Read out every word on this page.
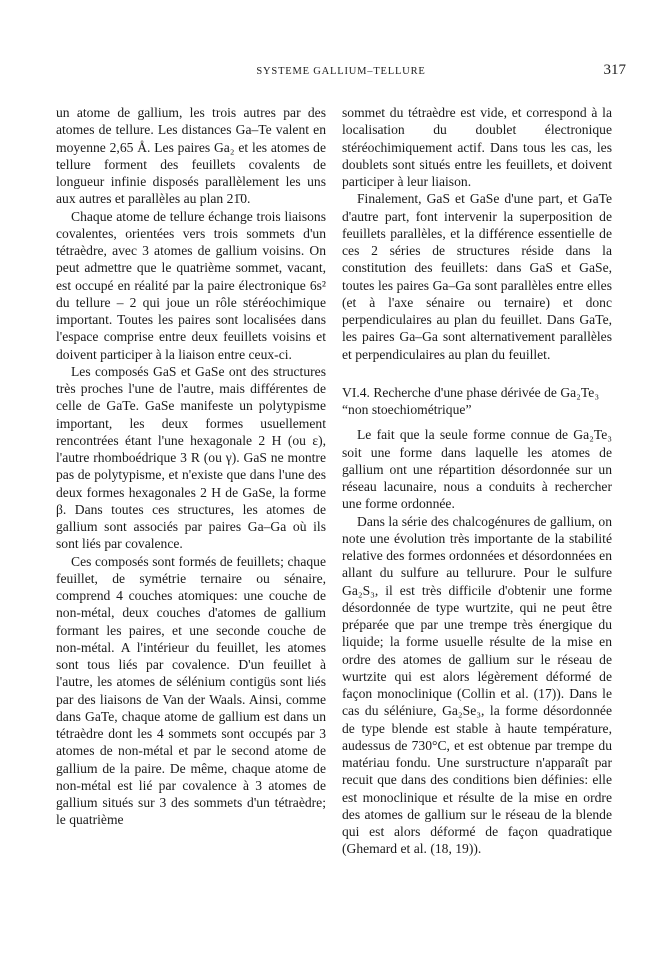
SYSTEME GALLIUM–TELLURE	317

un atome de gallium, les trois autres par des atomes de tellure. Les distances Ga–Te valent en moyenne 2,65 Å. Les paires Ga₂ et les atomes de tellure forment des feuillets covalents de longueur infinie disposés parallèlement les uns aux autres et parallèles au plan 21̄0.

Chaque atome de tellure échange trois liaisons covalentes, orientées vers trois sommets d'un tétraèdre, avec 3 atomes de gallium voisins. On peut admettre que le quatrième sommet, vacant, est occupé en réalité par la paire électronique 6s² du tellure – 2 qui joue un rôle stéréochimique important. Toutes les paires sont localisées dans l'espace comprise entre deux feuillets voisins et doivent participer à la liaison entre ceux-ci.

Les composés GaS et GaSe ont des structures très proches l'une de l'autre, mais différentes de celle de GaTe. GaSe manifeste un polytypisme important, les deux formes usuellement rencontrées étant l'une hexagonale 2 H (ou ε), l'autre rhomboédrique 3 R (ou γ). GaS ne montre pas de polytypisme, et n'existe que dans l'une des deux formes hexagonales 2 H de GaSe, la forme β. Dans toutes ces structures, les atomes de gallium sont associés par paires Ga–Ga où ils sont liés par covalence.

Ces composés sont formés de feuillets; chaque feuillet, de symétrie ternaire ou sénaire, comprend 4 couches atomiques: une couche de non-métal, deux couches d'atomes de gallium formant les paires, et une seconde couche de non-métal. A l'intérieur du feuillet, les atomes sont tous liés par covalence. D'un feuillet à l'autre, les atomes de sélénium contigüs sont liés par des liaisons de Van der Waals. Ainsi, comme dans GaTe, chaque atome de gallium est dans un tétraèdre dont les 4 sommets sont occupés par 3 atomes de non-métal et par le second atome de gallium de la paire. De même, chaque atome de non-métal est lié par covalence à 3 atomes de gallium situés sur 3 des sommets d'un tétraèdre; le quatrième

sommet du tétraèdre est vide, et correspond à la localisation du doublet électronique stéréochimiquement actif. Dans tous les cas, les doublets sont situés entre les feuillets, et doivent participer à leur liaison.

Finalement, GaS et GaSe d'une part, et GaTe d'autre part, font intervenir la superposition de feuillets parallèles, et la différence essentielle de ces 2 séries de structures réside dans la constitution des feuillets: dans GaS et GaSe, toutes les paires Ga–Ga sont parallèles entre elles (et à l'axe sénaire ou ternaire) et donc perpendiculaires au plan du feuillet. Dans GaTe, les paires Ga–Ga sont alternativement parallèles et perpendiculaires au plan du feuillet.

VI.4. Recherche d'une phase dérivée de Ga₂Te₃ “non stoechiométrique”

Le fait que la seule forme connue de Ga₂Te₃ soit une forme dans laquelle les atomes de gallium ont une répartition désordonnée sur un réseau lacunaire, nous a conduits à rechercher une forme ordonnée.

Dans la série des chalcogénures de gallium, on note une évolution très importante de la stabilité relative des formes ordonnées et désordonnées en allant du sulfure au tellurure. Pour le sulfure Ga₂S₃, il est très difficile d'obtenir une forme désordonnée de type wurtzite, qui ne peut être préparée que par une trempe très énergique du liquide; la forme usuelle résulte de la mise en ordre des atomes de gallium sur le réseau de wurtzite qui est alors légèrement déformé de façon monoclinique (Collin et al. (17)). Dans le cas du séléniure, Ga₂Se₃, la forme désordonnée de type blende est stable à haute température, audessus de 730°C, et est obtenue par trempe du matériau fondu. Une surstructure n'apparaît par recuit que dans des conditions bien définies: elle est monoclinique et résulte de la mise en ordre des atomes de gallium sur le réseau de la blende qui est alors déformé de façon quadratique (Ghemard et al. (18, 19)).
